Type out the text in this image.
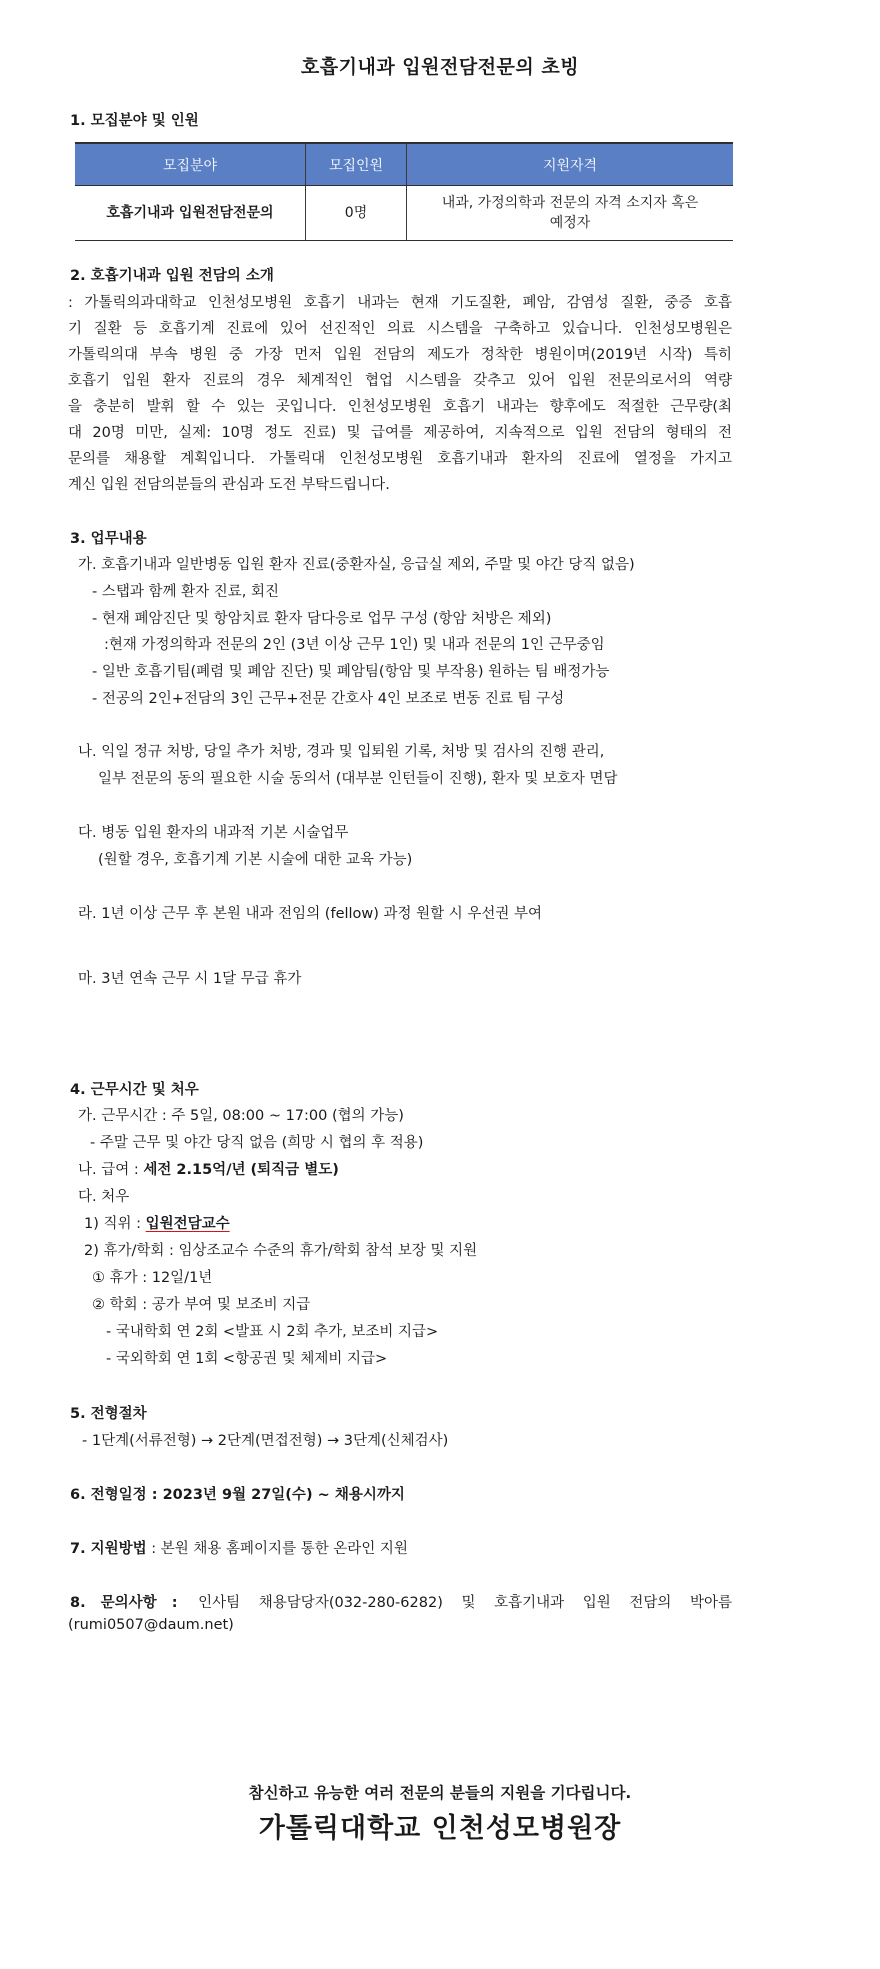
호흡기내과 입원전담전문의 초빙
1. 모집분야 및 인원
모집분야	모집인원	지원자격
호흡기내과 입원전담전문의	0명	내과, 가정의학과 전문의 자격 소지자 혹은
예정자
2. 호흡기내과 입원 전담의 소개
: 가톨릭의과대학교 인천성모병원 호흡기 내과는 현재 기도질환, 폐암, 감염성 질환, 중증 호흡
기 질환 등 호흡기계 진료에 있어 선진적인 의료 시스템을 구축하고 있습니다. 인천성모병원은
가톨릭의대 부속 병원 중 가장 먼저 입원 전담의 제도가 정착한 병원이며(2019년 시작) 특히
호흡기 입원 환자 진료의 경우 체계적인 협업 시스템을 갖추고 있어 입원 전문의로서의 역량
을 충분히 발휘 할 수 있는 곳입니다. 인천성모병원 호흡기 내과는 향후에도 적절한 근무량(최
대 20명 미만, 실제: 10명 정도 진료) 및 급여를 제공하여, 지속적으로 입원 전담의 형태의 전
문의를 채용할 계획입니다. 가톨릭대 인천성모병원 호흡기내과 환자의 진료에 열정을 가지고
계신 입원 전담의분들의 관심과 도전 부탁드립니다.
3. 업무내용
가. 호흡기내과 일반병동 입원 환자 진료(중환자실, 응급실 제외, 주말 및 야간 당직 없음)
- 스탭과 함께 환자 진료, 회진
- 현재 폐암진단 및 항암치료 환자 담다응로 업무 구성 (항암 처방은 제외)
:현재 가정의학과 전문의 2인 (3년 이상 근무 1인) 및 내과 전문의 1인 근무중임
- 일반 호흡기팀(폐렴 및 폐암 진단) 및 폐암팀(항암 및 부작용) 원하는 팀 배정가능
- 전공의 2인+전담의 3인 근무+전문 간호사 4인 보조로 변동 진료 팀 구성
나. 익일 정규 처방, 당일 추가 처방, 경과 및 입퇴원 기록, 처방 및 검사의 진행 관리,
일부 전문의 동의 필요한 시술 동의서 (대부분 인턴들이 진행), 환자 및 보호자 면담
다. 병동 입원 환자의 내과적 기본 시술업무
(원할 경우, 호흡기계 기본 시술에 대한 교육 가능)
라. 1년 이상 근무 후 본원 내과 전임의 (fellow) 과정 원할 시 우선권 부여
마. 3년 연속 근무 시 1달 무급 휴가
4. 근무시간 및 처우
가. 근무시간 : 주 5일, 08:00 ~ 17:00 (협의 가능)
- 주말 근무 및 야간 당직 없음 (희망 시 협의 후 적용)
나. 급여 : 세전 2.15억/년 (퇴직금 별도)
다. 처우
1) 직위 : 입원전담교수
2) 휴가/학회 : 임상조교수 수준의 휴가/학회 참석 보장 및 지원
① 휴가 : 12일/1년
② 학회 : 공가 부여 및 보조비 지급
- 국내학회 연 2회 <발표 시 2회 추가, 보조비 지급>
- 국외학회 연 1회 <항공권 및 체제비 지급>
5. 전형절차
- 1단계(서류전형) → 2단계(면접전형) → 3단계(신체검사)
6. 전형일정 : 2023년 9월 27일(수) ~ 채용시까지
7. 지원방법 : 본원 채용 홈페이지를 통한 온라인 지원
8. 문의사항 : 인사팀 채용담당자(032-280-6282) 및 호흡기내과 입원 전담의 박아름
(rumi0507@daum.net)
참신하고 유능한 여러 전문의 분들의 지원을 기다립니다.
가톨릭대학교 인천성모병원장
